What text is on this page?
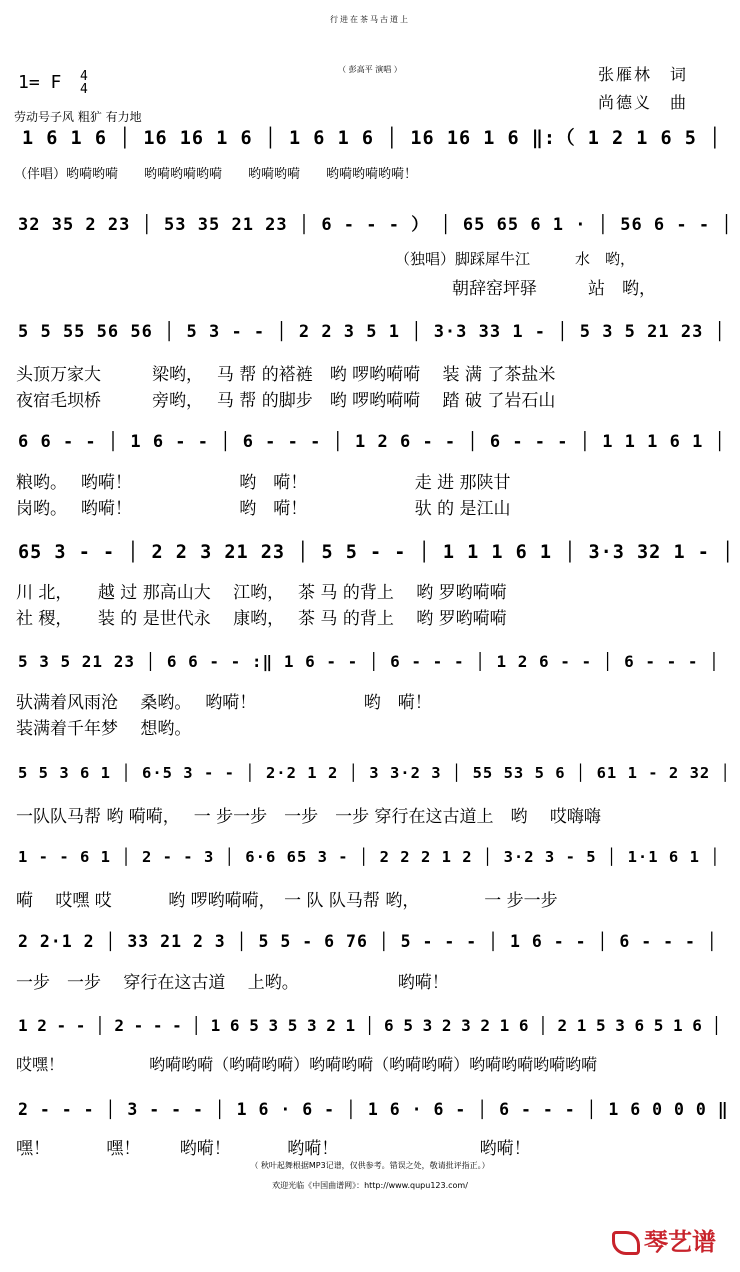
行进在茶马古道上
（ 彭高平 演唱 ）	张雁林　词
尚德义　曲
1= F 4
4
劳动号子风 粗犷 有力地
1 6 1 6 │ 16 16 1 6 │ 1 6 1 6 │ 16 16 1 6 ‖:（ 1 2 1 6 5 │
（伴唱）哟嗬哟嗬　　哟嗬哟嗬哟嗬　　哟嗬哟嗬　　哟嗬哟嗬哟嗬！
32 35 2 23 │ 53 35 21 23 │ 6 - - - ） │ 65 65 6 1 · │ 56 6 - - │
（独唱）脚踩犀牛江　　　水　哟，
朝辞窑坪驿　　　站　哟，
5 5 55 56 56 │ 5 3 - - │ 2 2 3 5 1 │ 3·3 33 1 - │ 5 3 5 21 23 │
头顶万家大　　　梁哟，　 马 帮 的褡裢　哟 啰哟嗬嗬　 装 满 了茶盐米
夜宿毛坝桥　　　旁哟，　 马 帮 的脚步　哟 啰哟嗬嗬　 踏 破 了岩石山
6 6 - - │ 1 6 - - │ 6 - - - │ 1 2 6 - - │ 6 - - - │ 1 1 1 6 1 │
粮哟。　 哟嗬！　　　　　　 哟　嗬！　　　　　　 走 进 那陕甘
岗哟。　 哟嗬！　　　　　　 哟　嗬！　　　　　　 驮 的 是江山
65 3 - - │ 2 2 3 21 23 │ 5 5 - - │ 1 1 1 6 1 │ 3·3 32 1 - │
川 北，　　越 过 那高山大　 江哟，　 茶 马 的背上　 哟 罗哟嗬嗬
社 稷，　　装 的 是世代永　 康哟，　 茶 马 的背上　 哟 罗哟嗬嗬
5 3 5 21 23 │ 6 6 - - :‖ 1 6 - - │ 6 - - - │ 1 2 6 - - │ 6 - - - │
驮满着风雨沧　 桑哟。　 哟嗬！　　　　　　 哟　嗬！
装满着千年梦　 想哟。
5 5 3 6 1 │ 6·5 3 - - │ 2·2 1 2 │ 3 3·2 3 │ 55 53 5 6 │ 61 1 - 2 32 │
一队队马帮 哟 嗬嗬，　 一 步一步　一步　一步 穿行在这古道上　哟　 哎嗨嗨
1 - - 6 1 │ 2 - - 3 │ 6·6 65 3 - │ 2 2 2 1 2 │ 3·2 3 - 5 │ 1·1 6 1 │
嗬　 哎嘿 哎　　　 哟 啰哟嗬嗬，　一 队 队马帮 哟，　　　　 一 步一步
2 2·1 2 │ 33 21 2 3 │ 5 5 - 6 76 │ 5 - - - │ 1 6 - - │ 6 - - - │
一步　一步　 穿行在这古道　 上哟。　　　　　　 哟嗬！
1 2 - - │ 2 - - - │ 1 6 5 3 5 3 2 1 │ 6 5 3 2 3 2 1 6 │ 2 1 5 3 6 5 1 6 │
哎嘿！　　　　　 哟嗬哟嗬（哟嗬哟嗬）哟嗬哟嗬（哟嗬哟嗬）哟嗬哟嗬哟嗬哟嗬
2 - - - │ 3 - - - │ 1 6 · 6 - │ 1 6 · 6 - │ 6 - - - │ 1 6 0 0 0 ‖
嘿！　　　 嘿！　　 哟嗬！　　　 哟嗬！　　　　　　　　 哟嗬！
（ 秋叶起舞根据MP3记谱，仅供参考。错误之处，敬请批评指正。）
欢迎光临《中国曲谱网》：http://www.qupu123.com/
琴艺谱
